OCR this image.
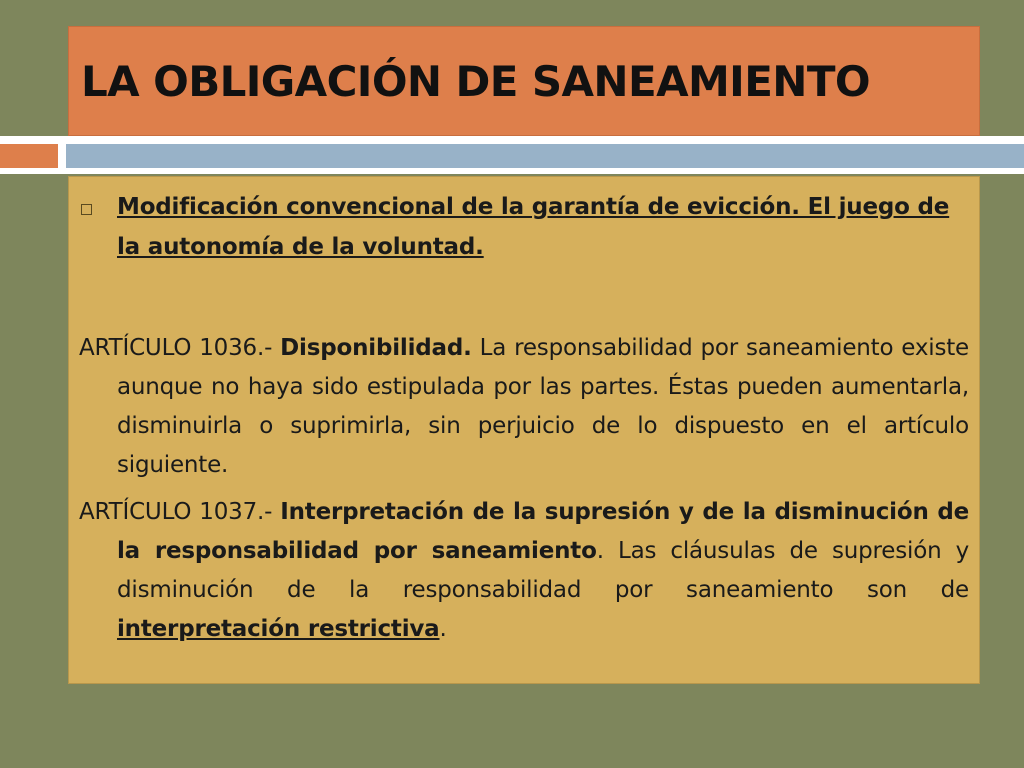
LA OBLIGACIÓN DE SANEAMIENTO

Modificación convencional de la garantía de evicción. El juego de la autonomía de la voluntad.

ARTÍCULO 1036.- Disponibilidad. La responsabilidad por saneamiento existe aunque no haya sido estipulada por las partes. Éstas pueden aumentarla, disminuirla o suprimirla, sin perjuicio de lo dispuesto en el artículo siguiente.

ARTÍCULO 1037.- Interpretación de la supresión y de la disminución de la responsabilidad por saneamiento. Las cláusulas de supresión y disminución de la responsabilidad por saneamiento son de interpretación restrictiva.
